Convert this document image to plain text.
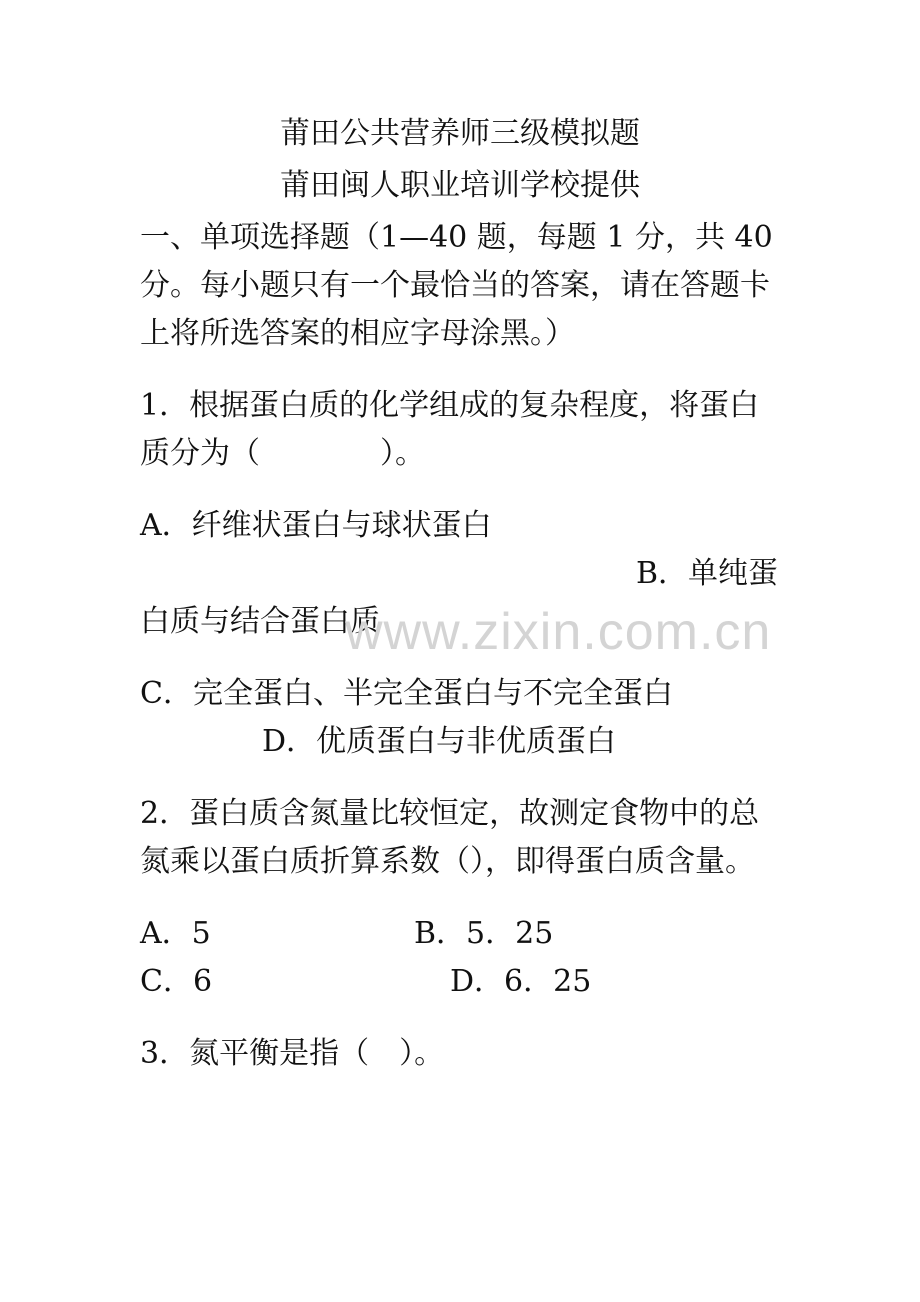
莆田公共营养师三级模拟题
莆田闽人职业培训学校提供
一、单项选择题（1—40 题，每题 1 分，共 40
分。每小题只有一个最恰当的答案，请在答题卡
上将所选答案的相应字母涂黑。）
1．根据蛋白质的化学组成的复杂程度，将蛋白
质分为（　　　　）。
A．纤维状蛋白与球状蛋白
B．单纯蛋
白质与结合蛋白质
C．完全蛋白、半完全蛋白与不完全蛋白
D．优质蛋白与非优质蛋白
2．蛋白质含氮量比较恒定，故测定食物中的总
氮乘以蛋白质折算系数（），即得蛋白质含量。
A．5	B．5．25
C．6	D．6．25
3．氮平衡是指（　）。
www.zixin.com.cn
